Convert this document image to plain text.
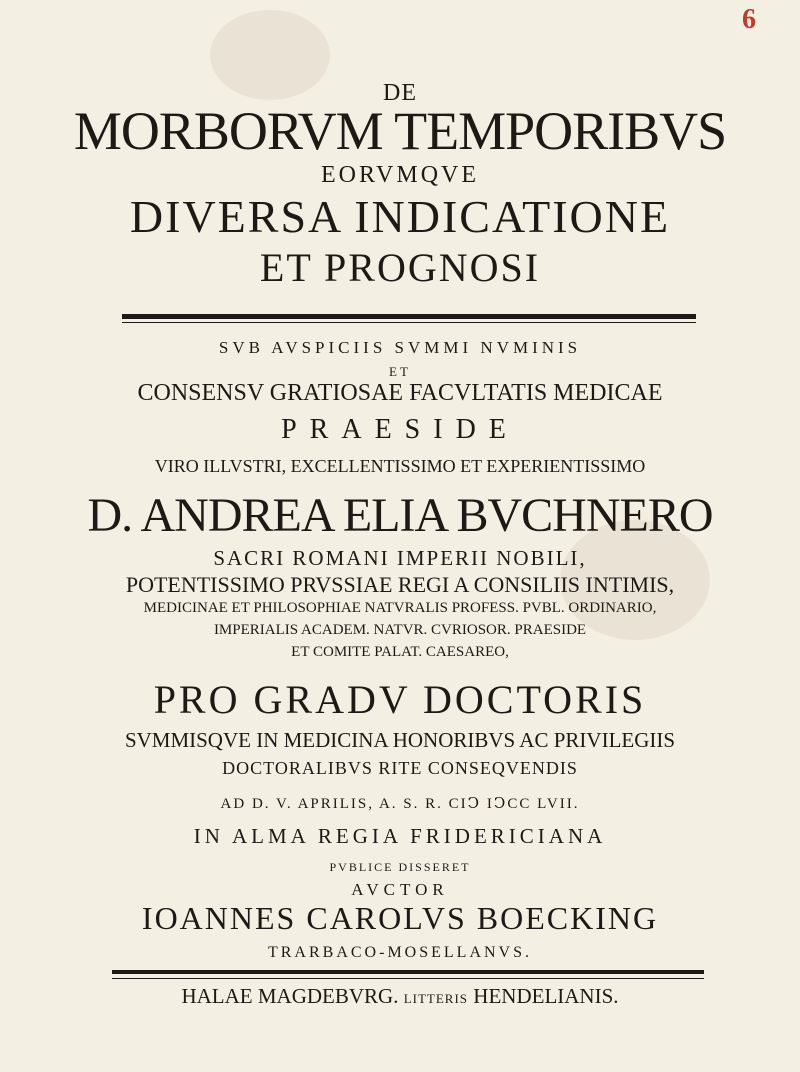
6

DE

MORBORVM TEMPORIBVS

EORVMQVE

DIVERSA INDICATIONE

ET PROGNOSI

SVB AVSPICIIS SVMMI NVMINIS

ET

CONSENSV GRATIOSAE FACVLTATIS MEDICAE

PRAESIDE

VIRO ILLVSTRI, EXCELLENTISSIMO ET EXPERIENTISSIMO

D. ANDREA ELIA BVCHNERO

SACRI ROMANI IMPERII NOBILI,

POTENTISSIMO PRVSSIAE REGI A CONSILIIS INTIMIS,

MEDICINAE ET PHILOSOPHIAE NATVRALIS PROFESS. PVBL. ORDINARIO,

IMPERIALIS ACADEM. NATVR. CVRIOSOR. PRAESIDE

ET COMITE PALAT. CAESAREO,

PRO GRADV DOCTORIS

SVMMISQVE IN MEDICINA HONORIBVS AC PRIVILEGIIS

DOCTORALIBVS RITE CONSEQVENDIS

AD D. V. APRILIS, A. S. R. CIↃ IↃCC LVII.

IN ALMA REGIA FRIDERICIANA

PVBLICE DISSERET

AVCTOR

IOANNES CAROLVS BOECKING

TRARBACO-MOSELLANVS.

HALAE MAGDEBVRG. LITTERIS HENDELIANIS.
